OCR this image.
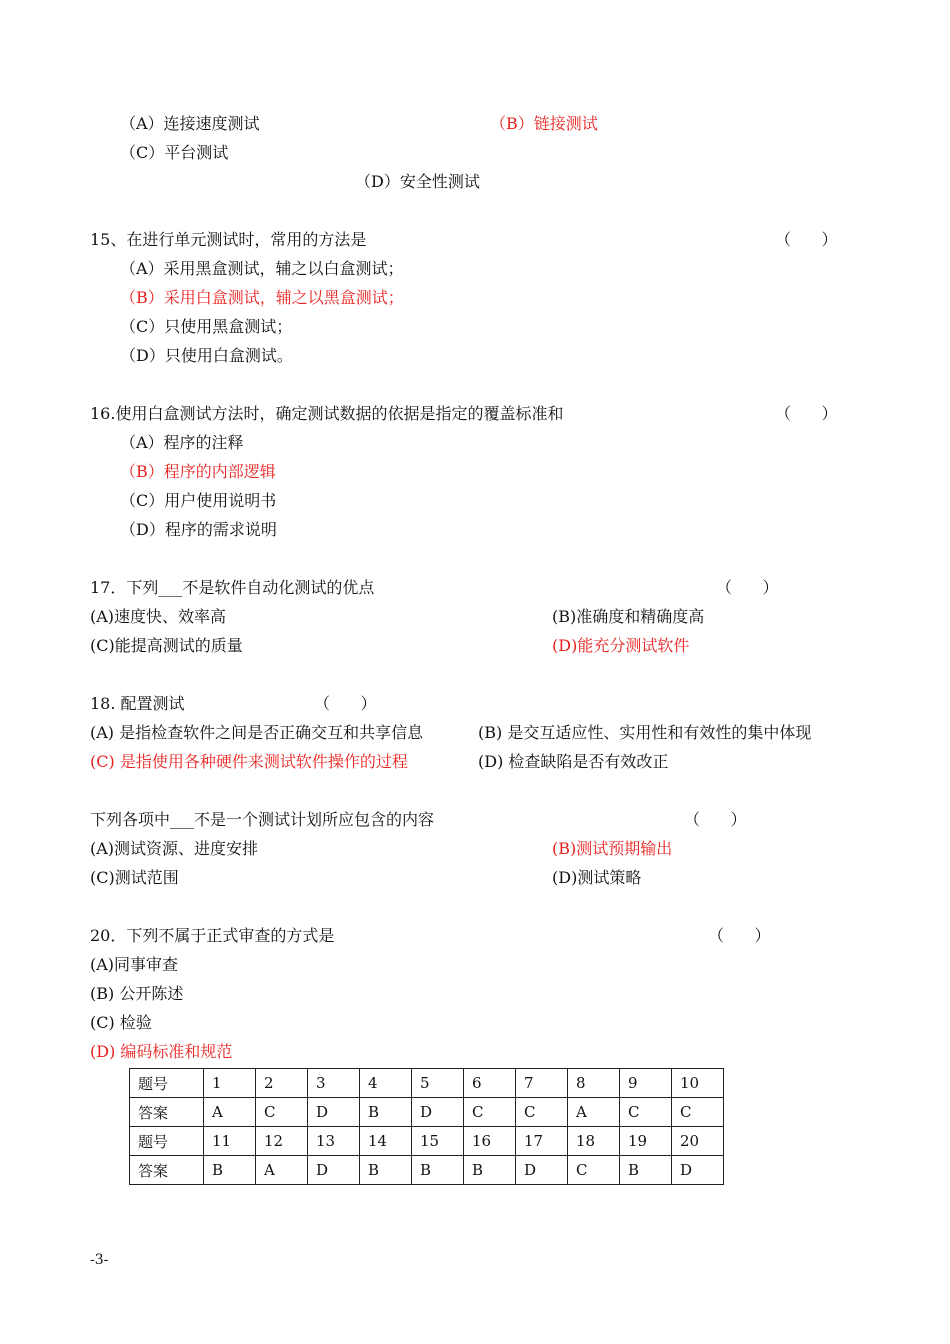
（A）连接速度测试	（B）链接测试
（C）平台测试
（D）安全性测试
15、在进行单元测试时，常用的方法是	（      ）
（A）采用黑盒测试，辅之以白盒测试；
（B）采用白盒测试，辅之以黑盒测试；
（C）只使用黑盒测试；
（D）只使用白盒测试。
16.使用白盒测试方法时，确定测试数据的依据是指定的覆盖标准和	（      ）
（A）程序的注释
（B）程序的内部逻辑
（C）用户使用说明书
（D）程序的需求说明
17．下列___不是软件自动化测试的优点	（      ）
(A)速度快、效率高	(B)准确度和精确度高
(C)能提高测试的质量	(D)能充分测试软件
18. 配置测试	（      ）
(A) 是指检查软件之间是否正确交互和共享信息	(B) 是交互适应性、实用性和有效性的集中体现
(C) 是指使用各种硬件来测试软件操作的过程	(D) 检查缺陷是否有效改正
下列各项中___不是一个测试计划所应包含的内容	（      ）
(A)测试资源、进度安排	(B)测试预期输出
(C)测试范围	(D)测试策略
20．下列不属于正式审查的方式是	（      ）
(A)同事审查
(B) 公开陈述
(C) 检验
(D) 编码标准和规范
题号	1	2	3	4	5	6	7	8	9	10
答案	A	C	D	B	D	C	C	A	C	C
题号	11	12	13	14	15	16	17	18	19	20
答案	B	A	D	B	B	B	D	C	B	D
-3-
